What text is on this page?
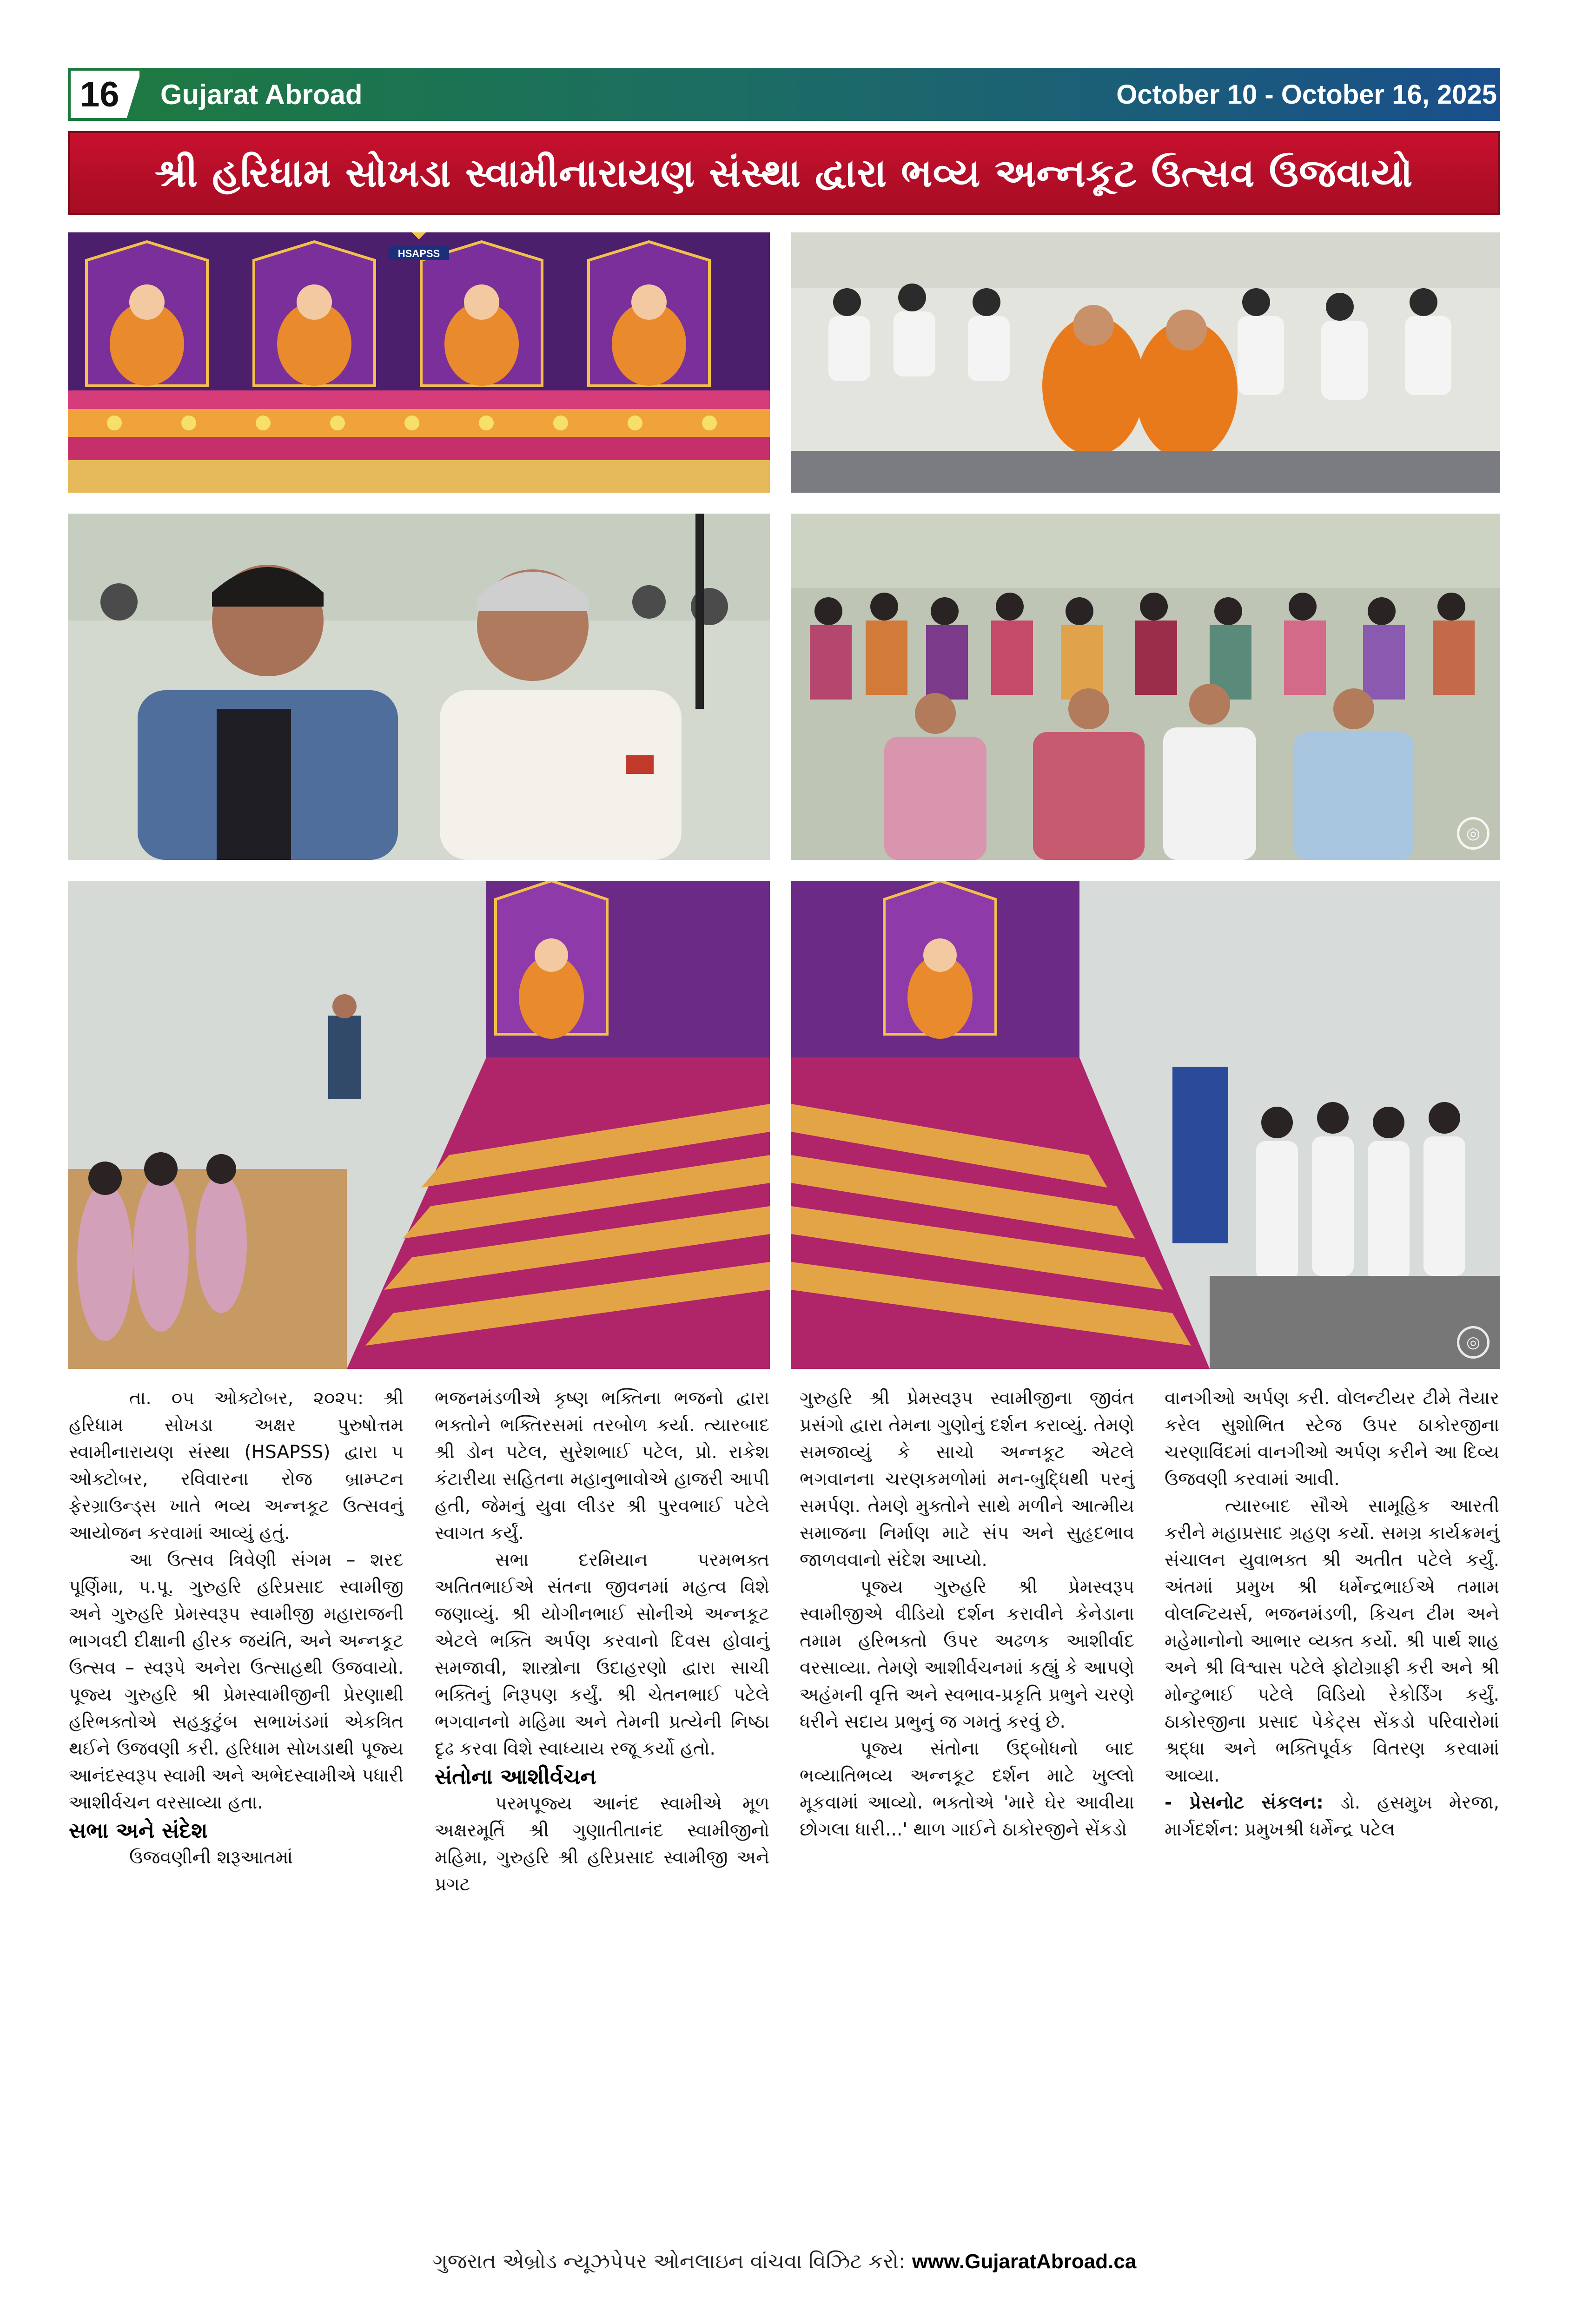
16 Gujarat Abroad	October 10 - October 16, 2025
શ્રી હરિધામ સોખડા સ્વામીનારાયણ સંસ્થા દ્વારા ભવ્ય અન્નકૂટ ઉત્સવ ઉજવાયો
HSAPSS
◎
◎

તા. ૦૫ ઓક્ટોબર, ૨૦૨૫: શ્રી હરિધામ સોખડા અક્ષર પુરુષોત્તમ સ્વામીનારાયણ સંસ્થા (HSAPSS) દ્વારા ૫ ઓક્ટોબર, રવિવારના રોજ બ્રામ્પ્ટન ફેરગ્રાઉન્ડ્સ ખાતે ભવ્ય અન્નકૂટ ઉત્સવનું આયોજન કરવામાં આવ્યું હતું.

આ ઉત્સવ ત્રિવેણી સંગમ – શરદ પૂર્ણિમા, પ.પૂ. ગુરુહરિ હરિપ્રસાદ સ્વામીજી અને ગુરુહરિ પ્રેમસ્વરૂપ સ્વામીજી મહારાજની ભાગવદી દીક્ષાની હીરક જયંતિ, અને અન્નકૂટ ઉત્સવ – સ્વરૂપે અનેરા ઉત્સાહથી ઉજવાયો. પૂજ્ય ગુરુહરિ શ્રી પ્રેમસ્વામીજીની પ્રેરણાથી હરિભક્તોએ સહકુટુંબ સભાખંડમાં એકત્રિત થઈને ઉજવણી કરી. હરિધામ સોખડાથી પૂજ્ય આનંદસ્વરૂપ સ્વામી અને અભેદસ્વામીએ પધારી આશીર્વચન વરસાવ્યા હતા.

સભા અને સંદેશ

ઉજવણીની શરૂઆતમાં

ભજનમંડળીએ કૃષ્ણ ભક્તિના ભજનો દ્વારા ભક્તોને ભક્તિરસમાં તરબોળ કર્યા. ત્યારબાદ શ્રી ડોન પટેલ, સુરેશભાઈ પટેલ, પ્રો. રાકેશ કંટારીયા સહિતના મહાનુભાવોએ હાજરી આપી હતી, જેમનું યુવા લીડર શ્રી પુરવભાઈ પટેલે સ્વાગત કર્યું.

સભા દરમિયાન પરમભક્ત અતિતભાઈએ સંતના જીવનમાં મહત્વ વિશે જણાવ્યું. શ્રી યોગીનભાઈ સોનીએ અન્નકૂટ એટલે ભક્તિ અર્પણ કરવાનો દિવસ હોવાનું સમજાવી, શાસ્ત્રોના ઉદાહરણો દ્વારા સાચી ભક્તિનું નિરૂપણ કર્યું. શ્રી ચેતનભાઈ પટેલે ભગવાનનો મહિમા અને તેમની પ્રત્યેની નિષ્ઠા દૃઢ કરવા વિશે સ્વાધ્યાય રજૂ કર્યો હતો.

સંતોના આશીર્વચન

પરમપૂજ્ય આનંદ સ્વામીએ મૂળ અક્ષરમૂર્તિ શ્રી ગુણાતીતાનંદ સ્વામીજીનો મહિમા, ગુરુહરિ શ્રી હરિપ્રસાદ સ્વામીજી અને પ્રગટ

ગુરુહરિ શ્રી પ્રેમસ્વરૂપ સ્વામીજીના જીવંત પ્રસંગો દ્વારા તેમના ગુણોનું દર્શન કરાવ્યું. તેમણે સમજાવ્યું કે સાચો અન્નકૂટ એટલે ભગવાનના ચરણકમળોમાં મન-બુદ્ધિથી પરનું સમર્પણ. તેમણે મુક્તોને સાથે મળીને આત્મીય સમાજના નિર્માણ માટે સંપ અને સુહૃદભાવ જાળવવાનો સંદેશ આપ્યો.

પૂજ્ય ગુરુહરિ શ્રી પ્રેમસ્વરૂપ સ્વામીજીએ વીડિયો દર્શન કરાવીને કેનેડાના તમામ હરિભક્તો ઉપર અઢળક આશીર્વાદ વરસાવ્યા. તેમણે આશીર્વચનમાં કહ્યું કે આપણે અહંમની વૃત્તિ અને સ્વભાવ-પ્રકૃતિ પ્રભુને ચરણે ધરીને સદાય પ્રભુનું જ ગમતું કરવું છે.

પૂજ્ય સંતોના ઉદ્બોધનો બાદ ભવ્યાતિભવ્ય અન્નકૂટ દર્શન માટે ખુલ્લો મૂકવામાં આવ્યો. ભક્તોએ 'મારે ઘેર આવીયા છોગલા ધારી...' થાળ ગાઈને ઠાકોરજીને સેંકડો

વાનગીઓ અર્પણ કરી. વોલન્ટીયર ટીમે તૈયાર કરેલ સુશોભિત સ્ટેજ ઉપર ઠાકોરજીના ચરણાવિંદમાં વાનગીઓ અર્પણ કરીને આ દિવ્ય ઉજવણી કરવામાં આવી.

ત્યારબાદ સૌએ સામૂહિક આરતી કરીને મહાપ્રસાદ ગ્રહણ કર્યો. સમગ્ર કાર્યક્રમનું સંચાલન યુવાભક્ત શ્રી અતીત પટેલે કર્યું. અંતમાં પ્રમુખ શ્રી ધર્મેન્દ્રભાઈએ તમામ વોલન્ટિયર્સ, ભજનમંડળી, કિચન ટીમ અને મહેમાનોનો આભાર વ્યક્ત કર્યો. શ્રી પાર્થ શાહ અને શ્રી વિશ્વાસ પટેલે ફોટોગ્રાફી કરી અને શ્રી મોન્ટુભાઈ પટેલે વિડિયો રેકોર્ડિંગ કર્યું. ઠાકોરજીના પ્રસાદ પેકેટ્સ સેંકડો પરિવારોમાં શ્રદ્ધા અને ભક્તિપૂર્વક વિતરણ કરવામાં આવ્યા.

- પ્રેસનોટ સંકલન: ડો. હસમુખ મેરજા, માર્ગદર્શન: પ્રમુખશ્રી ધર્મેન્દ્ર પટેલ

ગુજરાત એબ્રોડ ન્યૂઝપેપર ઓનલાઇન વાંચવા વિઝિટ કરો: www.GujaratAbroad.ca
